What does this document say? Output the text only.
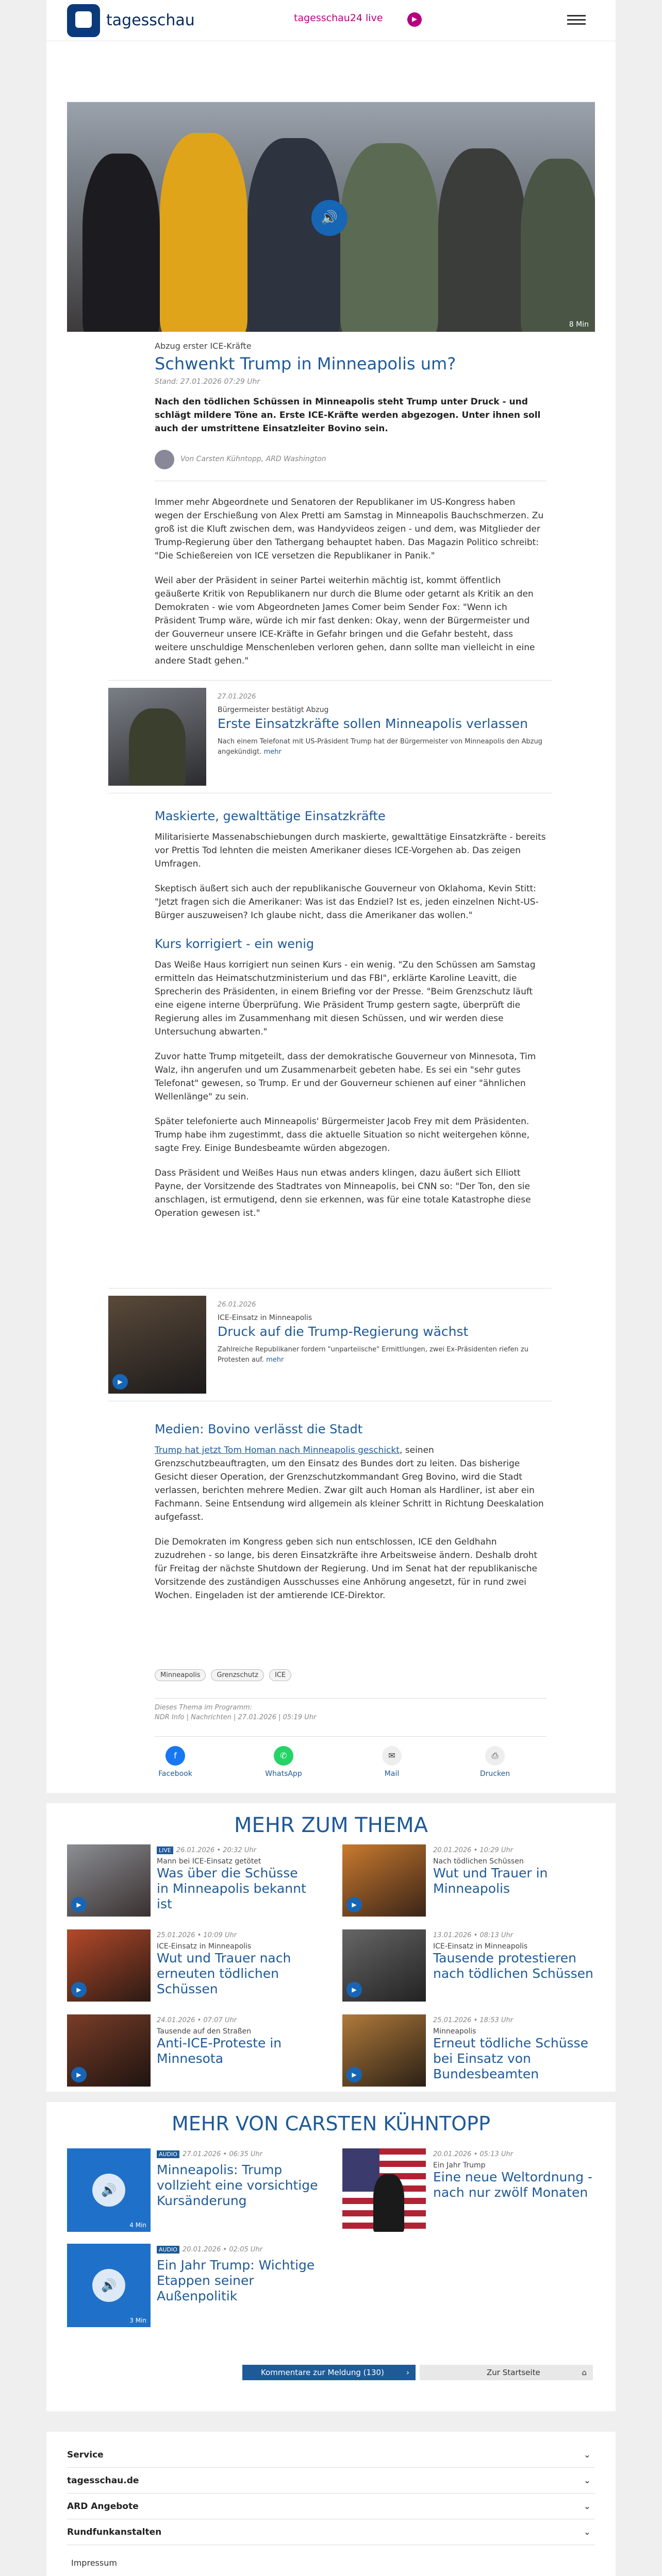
tagesschau	tagesschau24 live	▶
🔊
8 Min
Abzug erster ICE-Kräfte
Schwenkt Trump in Minneapolis um?
Stand: 27.01.2026 07:29 Uhr
Nach den tödlichen Schüssen in Minneapolis steht Trump unter Druck - und schlägt mildere Töne an. Erste ICE-Kräfte werden abgezogen. Unter ihnen soll auch der umstrittene Einsatzleiter Bovino sein.
Von Carsten Kühntopp, ARD Washington

Immer mehr Abgeordnete und Senatoren der Republikaner im US-Kongress haben wegen der Erschießung von Alex Pretti am Samstag in Minneapolis Bauchschmerzen. Zu groß ist die Kluft zwischen dem, was Handyvideos zeigen - und dem, was Mitglieder der Trump-Regierung über den Tathergang behauptet haben. Das Magazin Politico schreibt: "Die Schießereien von ICE versetzen die Republikaner in Panik."

Weil aber der Präsident in seiner Partei weiterhin mächtig ist, kommt öffentlich geäußerte Kritik von Republikanern nur durch die Blume oder getarnt als Kritik an den Demokraten - wie vom Abgeordneten James Comer beim Sender Fox: "Wenn ich Präsident Trump wäre, würde ich mir fast denken: Okay, wenn der Bürgermeister und der Gouverneur unsere ICE-Kräfte in Gefahr bringen und die Gefahr besteht, dass weitere unschuldige Menschenleben verloren gehen, dann sollte man vielleicht in eine andere Stadt gehen."

27.01.2026
Bürgermeister bestätigt Abzug
Erste Einsatzkräfte sollen Minneapolis verlassen
Nach einem Telefonat mit US-Präsident Trump hat der Bürgermeister von Minneapolis den Abzug angekündigt. mehr
Maskierte, gewalttätige Einsatzkräfte

Militarisierte Massenabschiebungen durch maskierte, gewalttätige Einsatzkräfte - bereits vor Prettis Tod lehnten die meisten Amerikaner dieses ICE-Vorgehen ab. Das zeigen Umfragen.

Skeptisch äußert sich auch der republikanische Gouverneur von Oklahoma, Kevin Stitt: "Jetzt fragen sich die Amerikaner: Was ist das Endziel? Ist es, jeden einzelnen Nicht-US-Bürger auszuweisen? Ich glaube nicht, dass die Amerikaner das wollen."

Kurs korrigiert - ein wenig

Das Weiße Haus korrigiert nun seinen Kurs - ein wenig. "Zu den Schüssen am Samstag ermitteln das Heimatschutzministerium und das FBI", erklärte Karoline Leavitt, die Sprecherin des Präsidenten, in einem Briefing vor der Presse. "Beim Grenzschutz läuft eine eigene interne Überprüfung. Wie Präsident Trump gestern sagte, überprüft die Regierung alles im Zusammenhang mit diesen Schüssen, und wir werden diese Untersuchung abwarten."

Zuvor hatte Trump mitgeteilt, dass der demokratische Gouverneur von Minnesota, Tim Walz, ihn angerufen und um Zusammenarbeit gebeten habe. Es sei ein "sehr gutes Telefonat" gewesen, so Trump. Er und der Gouverneur schienen auf einer "ähnlichen Wellenlänge" zu sein.

Später telefonierte auch Minneapolis' Bürgermeister Jacob Frey mit dem Präsidenten. Trump habe ihm zugestimmt, dass die aktuelle Situation so nicht weitergehen könne, sagte Frey. Einige Bundesbeamte würden abgezogen.

Dass Präsident und Weißes Haus nun etwas anders klingen, dazu äußert sich Elliott Payne, der Vorsitzende des Stadtrates von Minneapolis, bei CNN so: "Der Ton, den sie anschlagen, ist ermutigend, denn sie erkennen, was für eine totale Katastrophe diese Operation gewesen ist."

▶
26.01.2026
ICE-Einsatz in Minneapolis
Druck auf die Trump-Regierung wächst
Zahlreiche Republikaner fordern "unparteiische" Ermittlungen, zwei Ex-Präsidenten riefen zu Protesten auf. mehr
Medien: Bovino verlässt die Stadt

Trump hat jetzt Tom Homan nach Minneapolis geschickt, seinen Grenzschutzbeauftragten, um den Einsatz des Bundes dort zu leiten. Das bisherige Gesicht dieser Operation, der Grenzschutzkommandant Greg Bovino, wird die Stadt verlassen, berichten mehrere Medien. Zwar gilt auch Homan als Hardliner, ist aber ein Fachmann. Seine Entsendung wird allgemein als kleiner Schritt in Richtung Deeskalation aufgefasst.

Die Demokraten im Kongress geben sich nun entschlossen, ICE den Geldhahn zuzudrehen - so lange, bis deren Einsatzkräfte ihre Arbeitsweise ändern. Deshalb droht für Freitag der nächste Shutdown der Regierung. Und im Senat hat der republikanische Vorsitzende des zuständigen Ausschusses eine Anhörung angesetzt, für in rund zwei Wochen. Eingeladen ist der amtierende ICE-Direktor.

Minneapolis Grenzschutz ICE
Dieses Thema im Programm:
NDR Info | Nachrichten | 27.01.2026 | 05:19 Uhr
f
Facebook
✆
WhatsApp
✉
Mail
⎙
Drucken
MEHR ZUM THEMA
▶
LIVE 26.01.2026 • 20:32 Uhr
Mann bei ICE-Einsatz getötet
Was über die Schüsse in Minneapolis bekannt ist	▶
20.01.2026 • 10:29 Uhr
Nach tödlichen Schüssen
Wut und Trauer in Minneapolis
▶
25.01.2026 • 10:09 Uhr
ICE-Einsatz in Minneapolis
Wut und Trauer nach erneuten tödlichen Schüssen	▶
13.01.2026 • 08:13 Uhr
ICE-Einsatz in Minneapolis
Tausende protestieren nach tödlichen Schüssen
▶
24.01.2026 • 07:07 Uhr
Tausende auf den Straßen
Anti-ICE-Proteste in Minnesota
▶
25.01.2026 • 18:53 Uhr
Minneapolis
Erneut tödliche Schüsse bei Einsatz von Bundesbeamten
MEHR VON CARSTEN KÜHNTOPP
🔊
4 Min
AUDIO 27.01.2026 • 06:35 Uhr
Minneapolis: Trump vollzieht eine vorsichtige Kursänderung
20.01.2026 • 05:13 Uhr
Ein Jahr Trump
Eine neue Weltordnung - nach nur zwölf Monaten
🔊
3 Min
AUDIO 20.01.2026 • 02:05 Uhr
Ein Jahr Trump: Wichtige Etappen seiner Außenpolitik
Kommentare zur Meldung (130)	›	Zur Startseite	⌂
Service	⌄
tagesschau.de	⌄
ARD Angebote	⌄
Rundfunkanstalten	⌄
Impressum
